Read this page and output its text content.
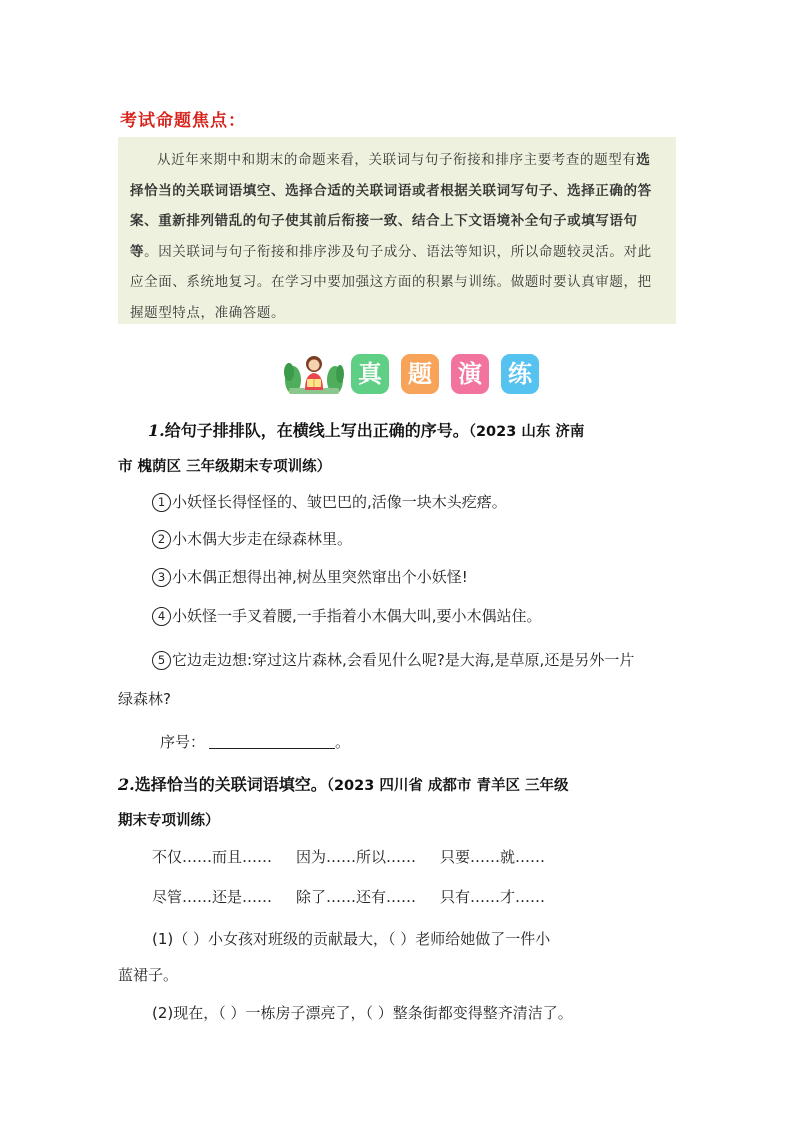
考试命题焦点：

从近年来期中和期末的命题来看，关联词与句子衔接和排序主要考查的题型有选择恰当的关联词语填空、选择合适的关联词语或者根据关联词写句子、选择正确的答案、重新排列错乱的句子使其前后衔接一致、结合上下文语境补全句子或填写语句等。因关联词与句子衔接和排序涉及句子成分、语法等知识，所以命题较灵活。对此应全面、系统地复习。在学习中要加强这方面的积累与训练。做题时要认真审题，把握题型特点，准确答题。

真 题 演 练
1.给句子排排队，在横线上写出正确的序号。（2023 山东 济南
市 槐荫区 三年级期末专项训练）
1 小妖怪长得怪怪的、皱巴巴的,活像一块木头疙瘩。
2 小木偶大步走在绿森林里。
3 小木偶正想得出神,树丛里突然窜出个小妖怪!
4 小妖怪一手叉着腰,一手指着小木偶大叫,要小木偶站住。
5 它边走边想:穿过这片森林,会看见什么呢?是大海,是草原,还是另外一片
绿森林?
序号：	。
2.选择恰当的关联词语填空。（2023 四川省 成都市 青羊区 三年级
期末专项训练）
不仅……而且…… 因为……所以…… 只要……就……
尽管……还是…… 除了……还有…… 只有……才……
(1)（ ）小女孩对班级的贡献最大，（ ）老师给她做了一件小
蓝裙子。
(2)现在，（ ）一栋房子漂亮了，（ ）整条街都变得整齐清洁了。
